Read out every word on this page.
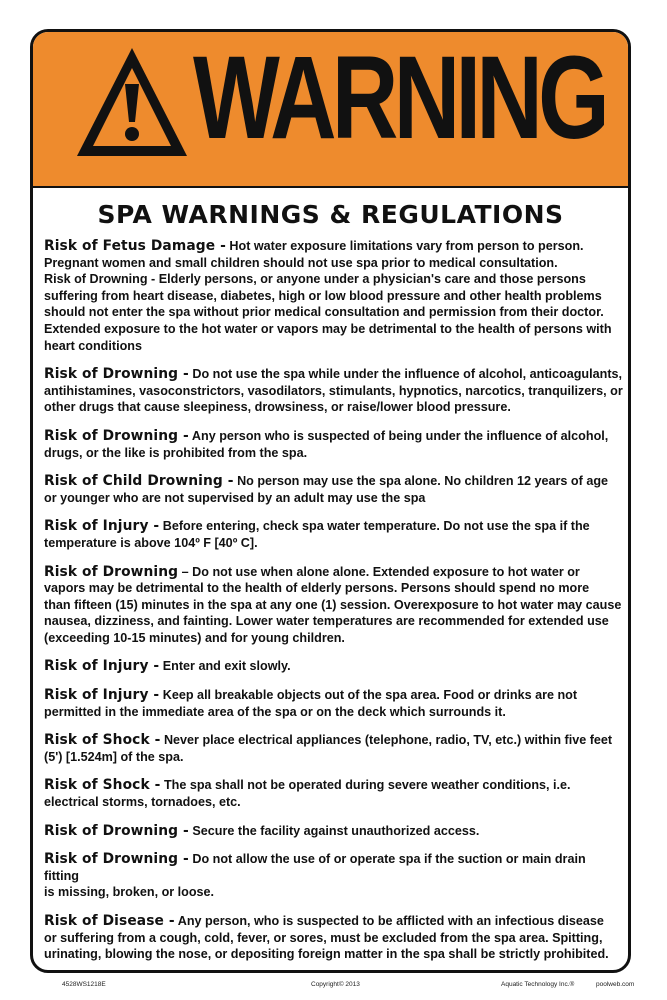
WARNING
SPA WARNINGS & REGULATIONS

Risk of Fetus Damage - Hot water exposure limitations vary from person to person.
Pregnant women and small children should not use spa prior to medical consultation.
Risk of Drowning - Elderly persons, or anyone under a physician's care and those persons
suffering from heart disease, diabetes, high or low blood pressure and other health problems
should not enter the spa without prior medical consultation and permission from their doctor.
Extended exposure to the hot water or vapors may be detrimental to the health of persons with
heart conditions

Risk of Drowning - Do not use the spa while under the influence of alcohol, anticoagulants,
antihistamines, vasoconstrictors, vasodilators, stimulants, hypnotics, narcotics, tranquilizers, or
other drugs that cause sleepiness, drowsiness, or raise/lower blood pressure.

Risk of Drowning - Any person who is suspected of being under the influence of alcohol,
drugs, or the like is prohibited from the spa.

Risk of Child Drowning - No person may use the spa alone. No children 12 years of age
or younger who are not supervised by an adult may use the spa

Risk of Injury - Before entering, check spa water temperature. Do not use the spa if the
temperature is above 104º F [40º C].

Risk of Drowning – Do not use when alone alone. Extended exposure to hot water or
vapors may be detrimental to the health of elderly persons. Persons should spend no more
than fifteen (15) minutes in the spa at any one (1) session. Overexposure to hot water may cause
nausea, dizziness, and fainting. Lower water temperatures are recommended for extended use
(exceeding 10-15 minutes) and for young children.

Risk of Injury - Enter and exit slowly.

Risk of Injury - Keep all breakable objects out of the spa area. Food or drinks are not
permitted in the immediate area of the spa or on the deck which surrounds it.

Risk of Shock - Never place electrical appliances (telephone, radio, TV, etc.) within five feet
(5') [1.524m] of the spa.

Risk of Shock - The spa shall not be operated during severe weather conditions, i.e.
electrical storms, tornadoes, etc.

Risk of Drowning - Secure the facility against unauthorized access.

Risk of Drowning - Do not allow the use of or operate spa if the suction or main drain
fitting
is missing, broken, or loose.

Risk of Disease - Any person, who is suspected to be afflicted with an infectious disease
or suffering from a cough, cold, fever, or sores, must be excluded from the spa area. Spitting,
urinating, blowing the nose, or depositing foreign matter in the spa shall be strictly prohibited.

4528WS1218E	Copyright© 2013	Aquatic Technology Inc.®	poolweb.com
